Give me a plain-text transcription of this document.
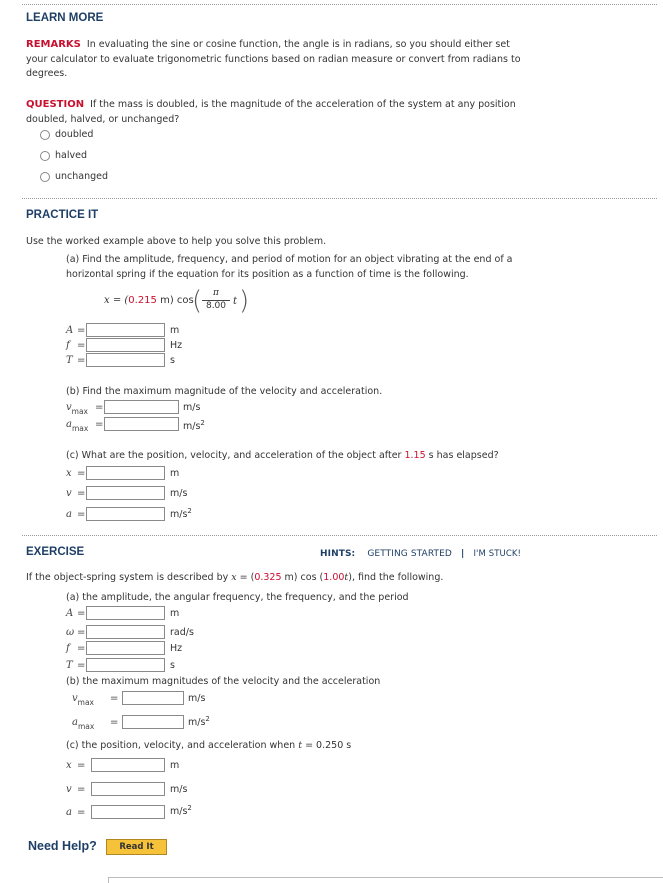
LEARN MORE
REMARKS In evaluating the sine or cosine function, the angle is in radians, so you should either set
your calculator to evaluate trigonometric functions based on radian measure or convert from radians to
degrees.
QUESTION If the mass is doubled, is the magnitude of the acceleration of the system at any position
doubled, halved, or unchanged?
doubled
halved
unchanged
PRACTICE IT
Use the worked example above to help you solve this problem.
(a) Find the amplitude, frequency, and period of motion for an object vibrating at the end of a
horizontal spring if the equation for its position as a function of time is the following.
x = (0.215 m) cos
(	π
8.00 t )
A =	m
f =	Hz
T =	s
(b) Find the maximum magnitude of the velocity and acceleration.
$v_{max}$ =	m/s
$a_{max}$ =	$m/s^2$
(c) What are the position, velocity, and acceleration of the object after 1.15 s has elapsed?
x =	m
v =	m/s
a =	$m/s^2$
EXERCISE	HINTS: GETTING STARTED | I'M STUCK!
If the object-spring system is described by x = (0.325 m) cos (1.00t), find the following.
(a) the amplitude, the angular frequency, the frequency, and the period
A =	m
ω =	rad/s
f =	Hz
T =	s
(b) the maximum magnitudes of the velocity and the acceleration
$v_{max}$ =	m/s
$a_{max}$ =	$m/s^2$
(c) the position, velocity, and acceleration when t = 0.250 s
x =	m
v =	m/s
a =	$m/s^2$
Need Help?	Read It
